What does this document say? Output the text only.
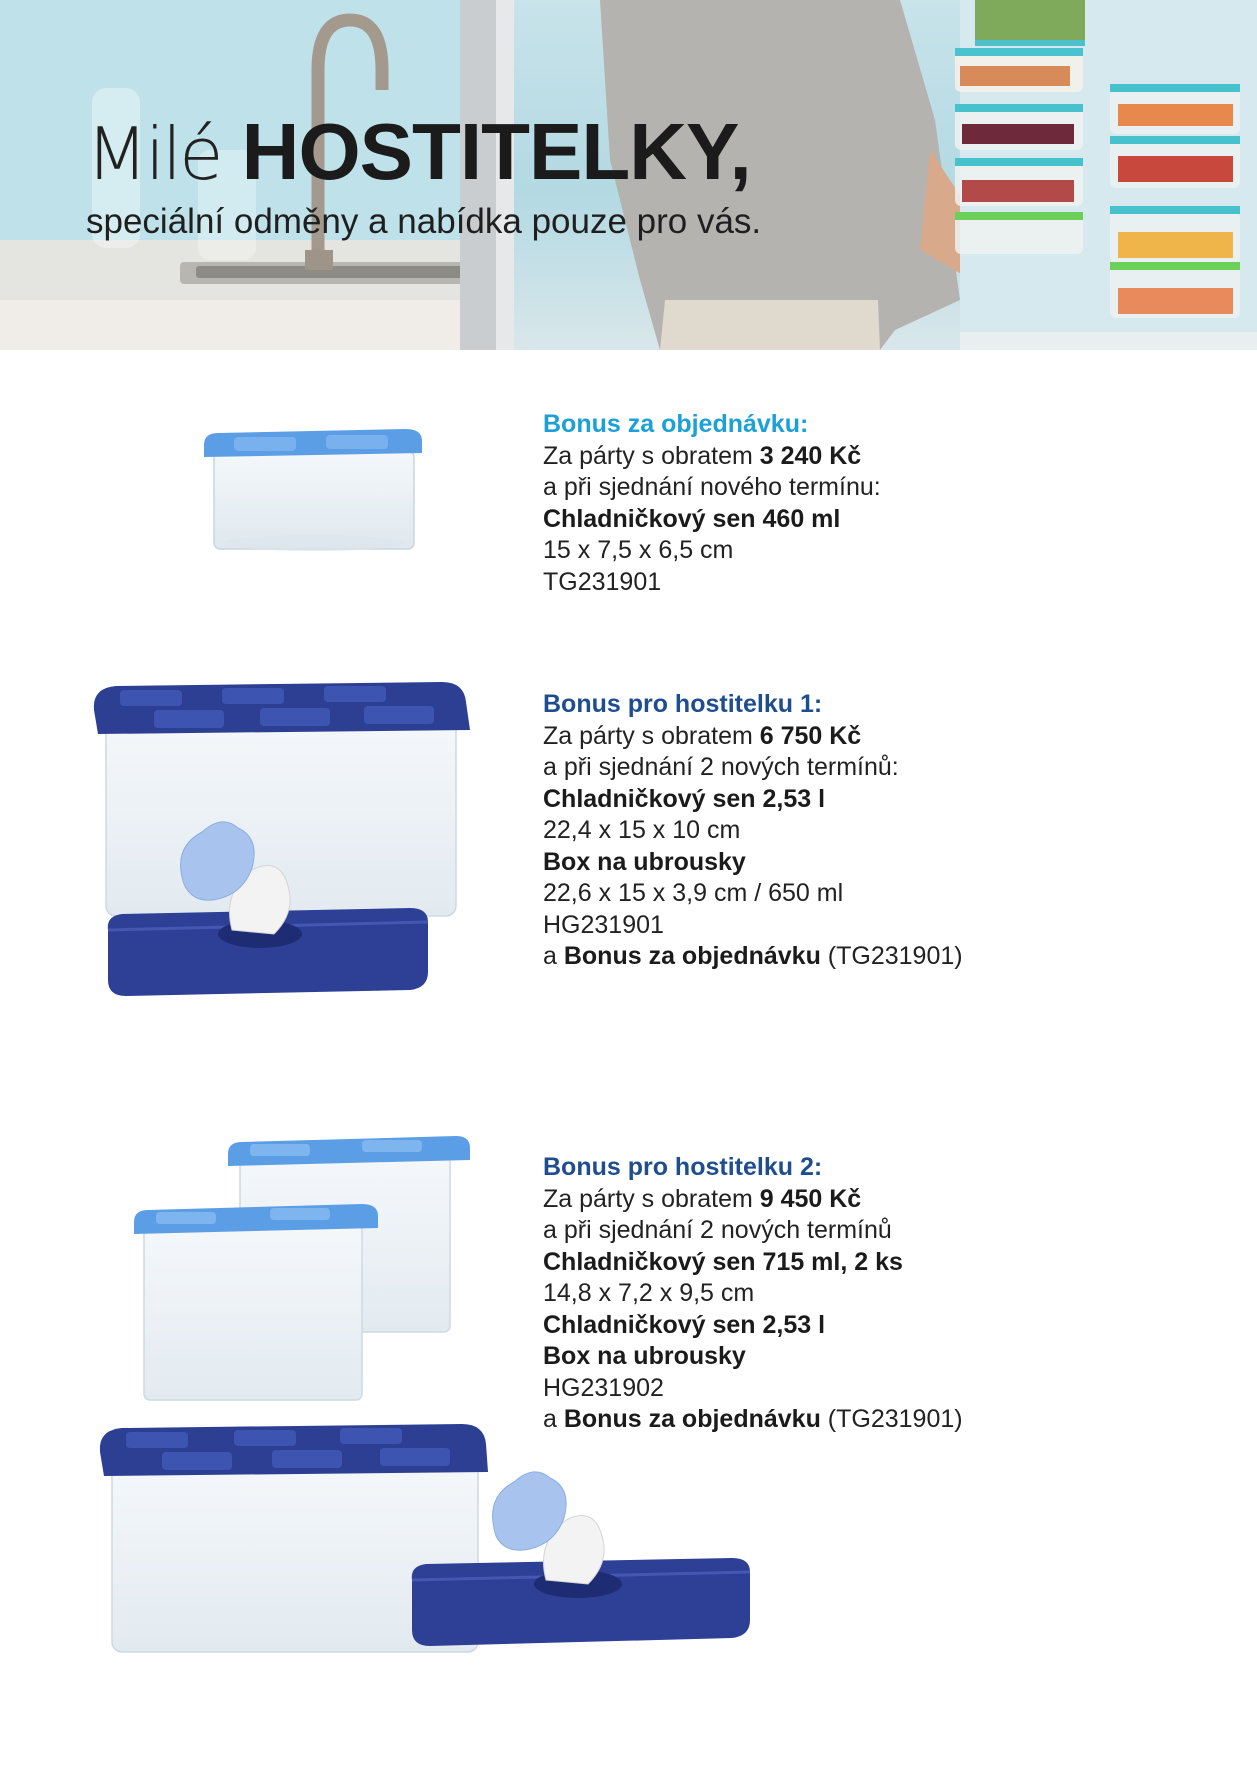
Milé HOSTITELKY,
speciální odměny a nabídka pouze pro vás.
Bonus za objednávku:
Za párty s obratem 3 240 Kč
a při sjednání nového termínu:
Chladničkový sen 460 ml
15 x 7,5 x 6,5 cm
TG231901
Bonus pro hostitelku 1:
Za párty s obratem 6 750 Kč
a při sjednání 2 nových termínů:
Chladničkový sen 2,53 l
22,4 x 15 x 10 cm
Box na ubrousky
22,6 x 15 x 3,9 cm / 650 ml
HG231901
a Bonus za objednávku (TG231901)
Bonus pro hostitelku 2:
Za párty s obratem 9 450 Kč
a při sjednání 2 nových termínů
Chladničkový sen 715 ml, 2 ks
14,8 x 7,2 x 9,5 cm
Chladničkový sen 2,53 l
Box na ubrousky
HG231902
a Bonus za objednávku (TG231901)
